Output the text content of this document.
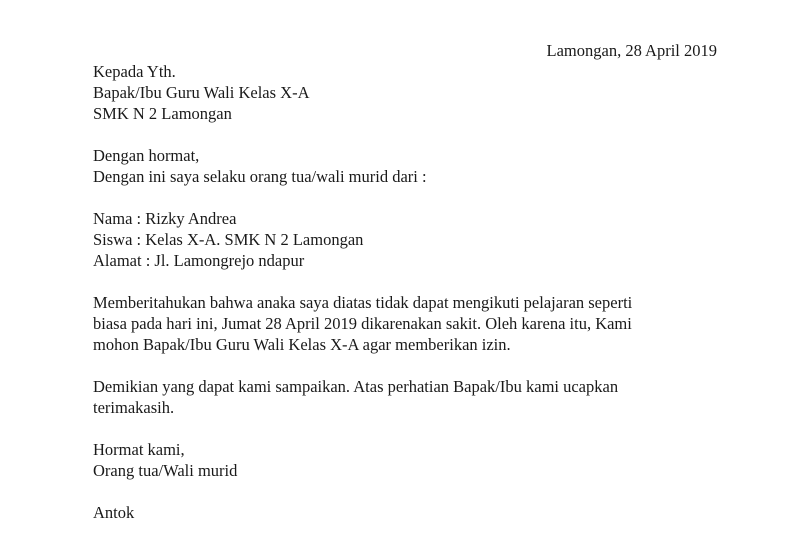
Lamongan, 28 April 2019
Kepada Yth.
Bapak/Ibu Guru Wali Kelas X-A
SMK N 2 Lamongan
Dengan hormat,
Dengan ini saya selaku orang tua/wali murid dari :
Nama : Rizky Andrea
Siswa : Kelas X-A. SMK N 2 Lamongan
Alamat : Jl. Lamongrejo ndapur
Memberitahukan bahwa anaka saya diatas tidak dapat mengikuti pelajaran seperti
biasa pada hari ini, Jumat 28 April 2019 dikarenakan sakit. Oleh karena itu, Kami
mohon Bapak/Ibu Guru Wali Kelas X-A agar memberikan izin.
Demikian yang dapat kami sampaikan. Atas perhatian Bapak/Ibu kami ucapkan
terimakasih.
Hormat kami,
Orang tua/Wali murid
Antok
